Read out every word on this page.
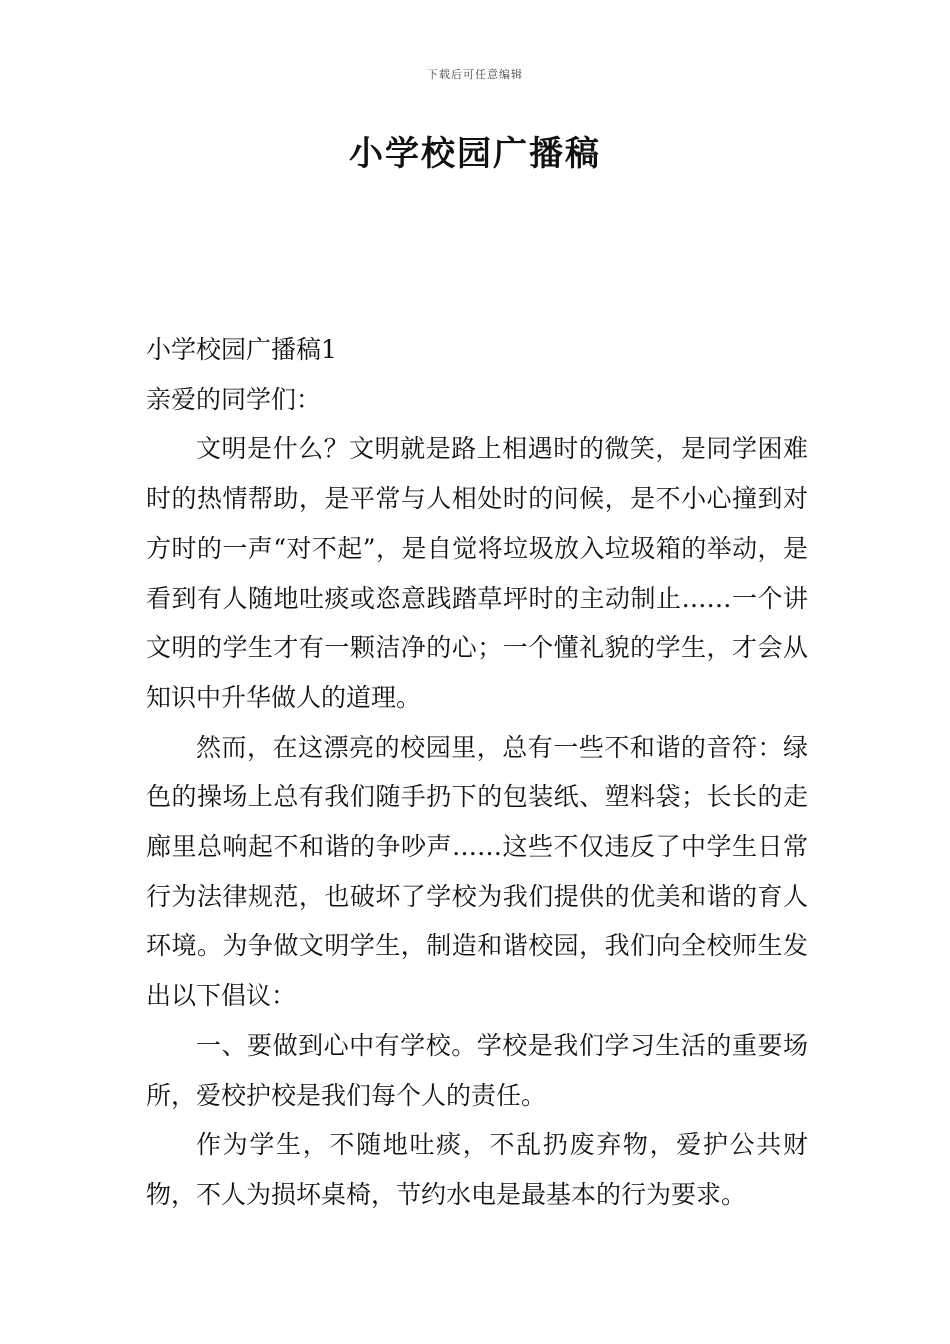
下载后可任意编辑
小学校园广播稿

小学校园广播稿1

亲爱的同学们：

文明是什么？文明就是路上相遇时的微笑，是同学困难时的热情帮助，是平常与人相处时的问候，是不小心撞到对方时的一声“对不起”，是自觉将垃圾放入垃圾箱的举动，是看到有人随地吐痰或恣意践踏草坪时的主动制止……一个讲文明的学生才有一颗洁净的心；一个懂礼貌的学生，才会从知识中升华做人的道理。

然而，在这漂亮的校园里，总有一些不和谐的音符：绿色的操场上总有我们随手扔下的包装纸、塑料袋；长长的走廊里总响起不和谐的争吵声……这些不仅违反了中学生日常行为法律规范，也破坏了学校为我们提供的优美和谐的育人环境。为争做文明学生，制造和谐校园，我们向全校师生发出以下倡议：

一、要做到心中有学校。学校是我们学习生活的重要场所，爱校护校是我们每个人的责任。

作为学生，不随地吐痰，不乱扔废弃物，爱护公共财物，不人为损坏桌椅，节约水电是最基本的行为要求。
